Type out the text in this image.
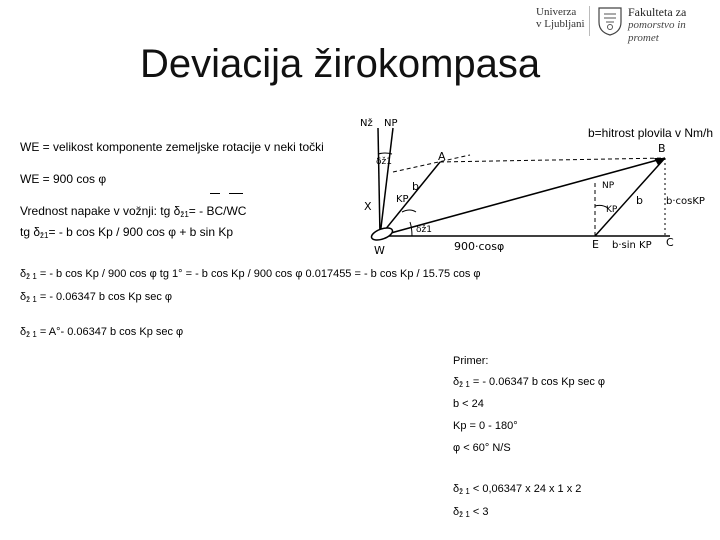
Deviacija žirokompasa
Univerza
v Ljubljani
Fakulteta za
pomorstvo in promet
WE = velikost komponente zemeljske rotacije v neki točki
b=hitrost plovila v Nm/h
WE = 900 cos φ
Vrednost napake v vožnji: tg δž1= - BC/WC
tg δž1= - b cos Kp / 900 cos φ + b sin Kp
δž 1 = - b cos Kp / 900 cos φ tg 1° = - b cos Kp / 900 cos φ 0.017455 = - b cos Kp / 15.75 cos φ
δž 1 = - 0.06347 b cos Kp sec φ
δž 1 = A°- 0.06347 b cos Kp sec φ
Primer:
δž 1 = - 0.06347 b cos Kp sec φ
b < 24
Kp = 0 - 180°
φ < 60° N/S
δž 1 < 0,06347 x 24 x 1 x 2
δž 1 < 3
Nž NP
A
B
b
KP
X
W
δž1
δž1
900·cosφ
NP
KP
b b·cosKP
E b·sin KP C
